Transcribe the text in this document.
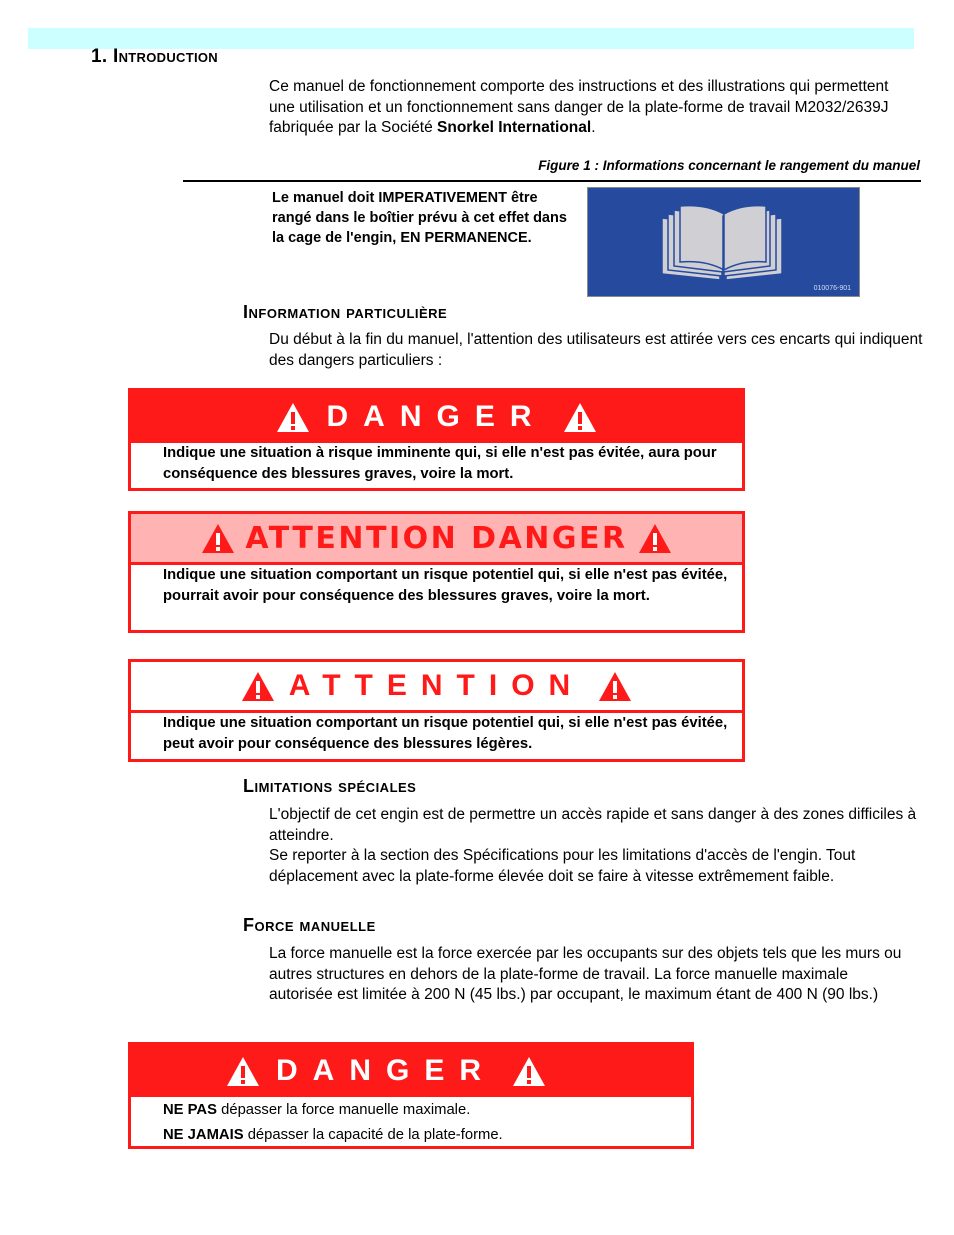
1. Introduction
Ce manuel de fonctionnement comporte des instructions et des illustrations qui permettent une utilisation et un fonctionnement sans danger de la plate-forme de travail M2032/2639J fabriquée par la Société Snorkel International.
Figure 1 : Informations concernant le rangement du manuel
Le manuel doit IMPERATIVEMENT être rangé dans le boîtier prévu à cet effet dans la cage de l'engin, EN PERMANENCE.
010076-901
Information particulière
Du début à la fin du manuel, l'attention des utilisateurs est attirée vers ces encarts qui indiquent des dangers particuliers :
DANGER
Indique une situation à risque imminente qui, si elle n'est pas évitée, aura pour conséquence des blessures graves, voire la mort.
ATTENTION DANGER
Indique une situation comportant un risque potentiel qui, si elle n'est pas évitée, pourrait avoir pour conséquence des blessures graves, voire la mort.
ATTENTION
Indique une situation comportant un risque potentiel qui, si elle n'est pas évitée, peut avoir pour conséquence des blessures légères.
Limitations spéciales
L'objectif de cet engin est de permettre un accès rapide et sans danger à des zones difficiles à atteindre.
Se reporter à la section des Spécifications pour les limitations d'accès de l'engin. Tout déplacement avec la plate-forme élevée doit se faire à vitesse extrêmement faible.
Force manuelle
La force manuelle est la force exercée par les occupants sur des objets tels que les murs ou autres structures en dehors de la plate-forme de travail. La force manuelle maximale autorisée est limitée à 200 N (45 lbs.) par occupant, le maximum étant de 400 N (90 lbs.)
DANGER
NE PAS dépasser la force manuelle maximale.
NE JAMAIS dépasser la capacité de la plate-forme.
